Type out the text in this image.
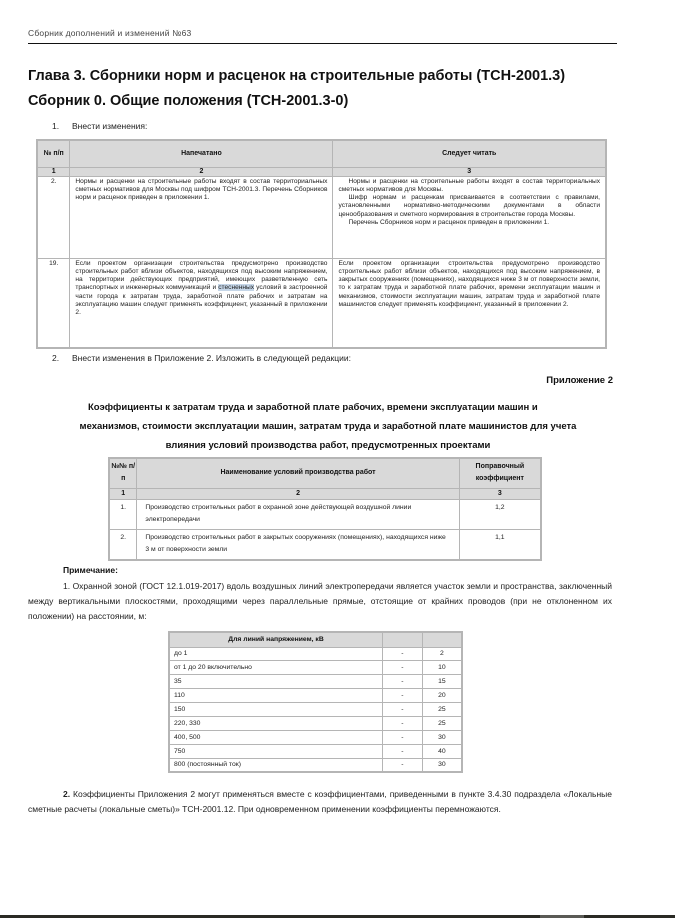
Сборник дополнений и изменений №63
Глава 3. Сборники норм и расценок на строительные работы (ТСН-2001.3)
Сборник 0. Общие положения (ТСН-2001.3-0)
1. Внести изменения:
№ п/п	Напечатано	Следует читать
1	2	3
2.	Нормы и расценки на строительные работы входят в состав территориальных сметных нормативов для Москвы под шифром ТСН-2001.3. Перечень Сборников норм и расценок приведен в приложении 1.	Нормы и расценки на строительные работы входят в состав территориальных сметных нормативов для Москвы.
Шифр нормам и расценкам присваивается в соответствии с правилами, установленными нормативно-методическими документами в области ценообразования и сметного нормирования в строительстве города Москвы.
Перечень Сборников норм и расценок приведен в приложении 1.

19.	Если проектом организации строительства предусмотрено производство строительных работ вблизи объектов, находящихся под высоким напряжением, на территории действующих предприятий, имеющих разветвленную сеть транспортных и инженерных коммуникаций и стесненных условий в застроенной части города к затратам труда, заработной плате рабочих и затратам на эксплуатацию машин следует применять коэффициент, указанный в приложении 2.	Если проектом организации строительства предусмотрено производство строительных работ вблизи объектов, находящихся под высоким напряжением, в закрытых сооружениях (помещениях), находящихся ниже 3 м от поверхности земли, то к затратам труда и заработной плате рабочих, времени эксплуатации машин и механизмов, стоимости эксплуатации машин, затратам труда и заработной плате машинистов следует применять коэффициент, указанный в приложении 2.
2. Внести изменения в Приложение 2. Изложить в следующей редакции:
Приложение 2
Коэффициенты к затратам труда и заработной плате рабочих, времени эксплуатации машин и
механизмов, стоимости эксплуатации машин, затратам труда и заработной плате машинистов для учета
влияния условий производства работ, предусмотренных проектами
№№ п/п	Наименование условий производства работ	Поправочный коэффициент
1	2	3
1.	Производство строительных работ в охранной зоне действующей воздушной линии электропередачи	1,2
2.	Производство строительных работ в закрытых сооружениях (помещениях), находящихся ниже 3 м от поверхности земли	1,1
Примечание:
1. Охранной зоной (ГОСТ 12.1.019-2017) вдоль воздушных линий электропередачи является участок земли и пространства, заключенный между вертикальными плоскостями, проходящими через параллельные прямые, отстоящие от крайних проводов (при не отклоненном их положении) на расстоянии, м:
Для линий напряжением, кВ		
до 1	-	2
от 1 до 20 включительно	-	10
35	-	15
110	-	20
150	-	25
220, 330	-	25
400, 500	-	30
750	-	40
800 (постоянный ток)	-	30
2. Коэффициенты Приложения 2 могут применяться вместе с коэффициентами, приведенными в пункте 3.4.30 подраздела «Локальные сметные расчеты (локальные сметы)» ТСН-2001.12. При одновременном применении коэффициенты перемножаются.
